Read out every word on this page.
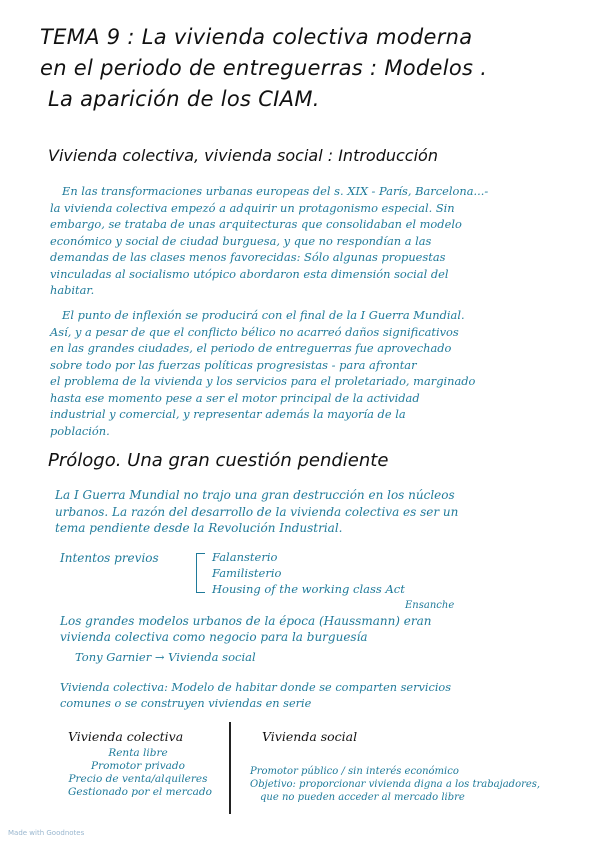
TEMA 9 : La vivienda colectiva moderna
en el periodo de entreguerras : Modelos .
La aparición de los CIAM.
Vivienda colectiva, vivienda social : Introducción
En las transformaciones urbanas europeas del s. XIX - París, Barcelona...-
la vivienda colectiva empezó a adquirir un protagonismo especial. Sin
embargo, se trataba de unas arquitecturas que consolidaban el modelo
económico y social de ciudad burguesa, y que no respondían a las
demandas de las clases menos favorecidas: Sólo algunas propuestas
vinculadas al socialismo utópico abordaron esta dimensión social del
habitar.
El punto de inflexión se producirá con el final de la I Guerra Mundial.
Así, y a pesar de que el conflicto bélico no acarreó daños significativos
en las grandes ciudades, el periodo de entreguerras fue aprovechado
sobre todo por las fuerzas políticas progresistas - para afrontar
el problema de la vivienda y los servicios para el proletariado, marginado
hasta ese momento pese a ser el motor principal de la actividad
industrial y comercial, y representar además la mayoría de la
población.
Prólogo. Una gran cuestión pendiente
La I Guerra Mundial no trajo una gran destrucción en los núcleos
urbanos. La razón del desarrollo de la vivienda colectiva es ser un
tema pendiente desde la Revolución Industrial.
Intentos previos	Falansterio
Familisterio
Housing of the working class Act
Ensanche
Los grandes modelos urbanos de la época (Haussmann) eran
vivienda colectiva como negocio para la burguesía
Tony Garnier → Vivienda social
Vivienda colectiva: Modelo de habitar donde se comparten servicios
comunes o se construyen viviendas en serie
Vivienda colectiva	Vivienda social
Renta libre
Promotor privado
Precio de venta/alquileres
Gestionado por el mercado
Promotor público / sin interés económico
Objetivo: proporcionar vivienda digna a los trabajadores,
que no pueden acceder al mercado libre
Made with Goodnotes
